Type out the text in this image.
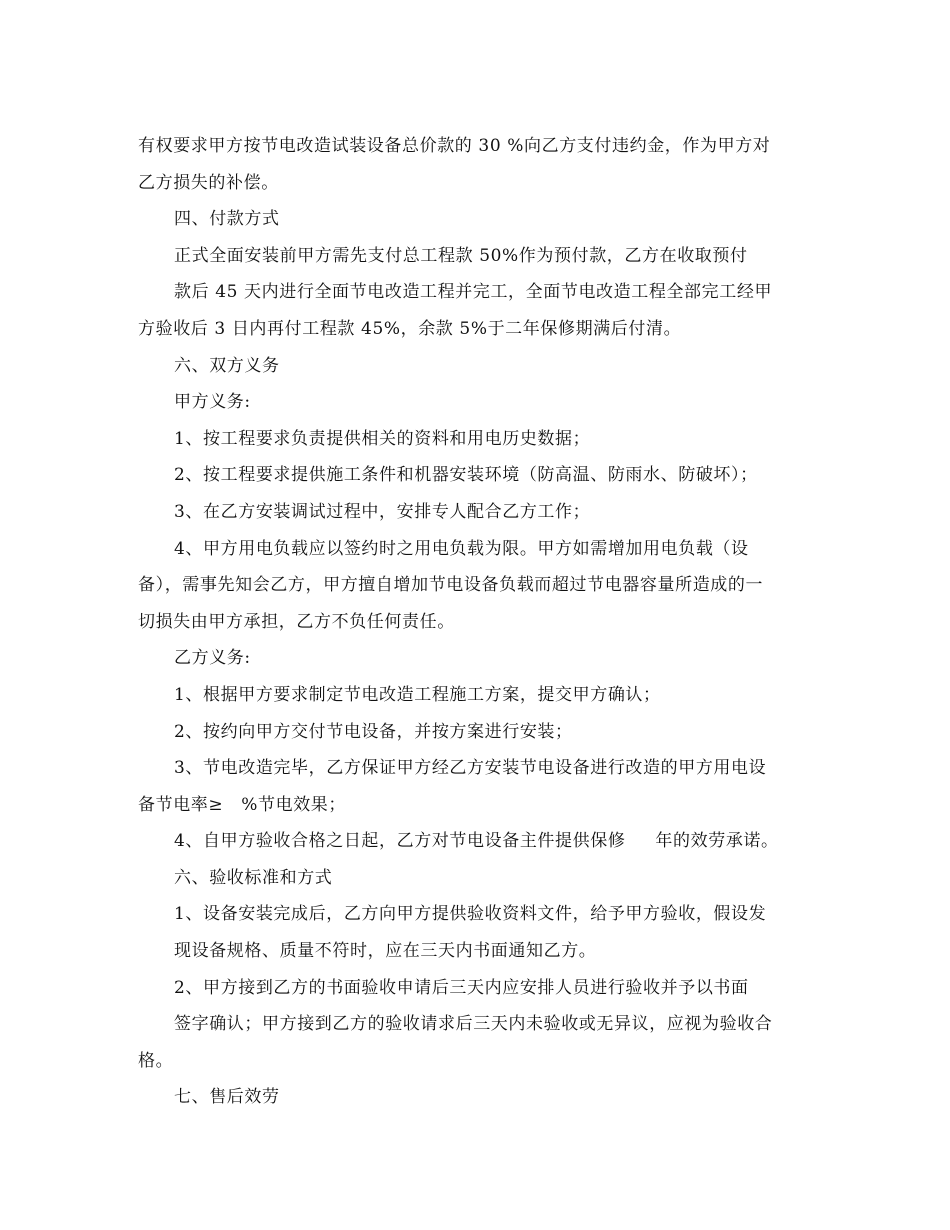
有权要求甲方按节电改造试装设备总价款的 30 %向乙方支付违约金，作为甲方对
乙方损失的补偿。
四、付款方式
正式全面安装前甲方需先支付总工程款 50%作为预付款，乙方在收取预付
款后 45 天内进行全面节电改造工程并完工，全面节电改造工程全部完工经甲
方验收后 3 日内再付工程款 45%，余款 5%于二年保修期满后付清。
六、双方义务
甲方义务:
1、按工程要求负责提供相关的资料和用电历史数据；
2、按工程要求提供施工条件和机器安装环境（防高温、防雨水、防破坏）；
3、在乙方安装调试过程中，安排专人配合乙方工作；
4、甲方用电负载应以签约时之用电负载为限。甲方如需增加用电负载（设
备），需事先知会乙方，甲方擅自增加节电设备负载而超过节电器容量所造成的一
切损失由甲方承担，乙方不负任何责任。
乙方义务:
1、根据甲方要求制定节电改造工程施工方案，提交甲方确认；
2、按约向甲方交付节电设备，并按方案进行安装；
3、节电改造完毕，乙方保证甲方经乙方安装节电设备进行改造的甲方用电设
备节电率≥   %节电效果；
4、自甲方验收合格之日起，乙方对节电设备主件提供保修     年的效劳承诺。
六、验收标准和方式
1、设备安装完成后，乙方向甲方提供验收资料文件，给予甲方验收，假设发
现设备规格、质量不符时，应在三天内书面通知乙方。
2、甲方接到乙方的书面验收申请后三天内应安排人员进行验收并予以书面
签字确认；甲方接到乙方的验收请求后三天内未验收或无异议，应视为验收合
格。
七、售后效劳
